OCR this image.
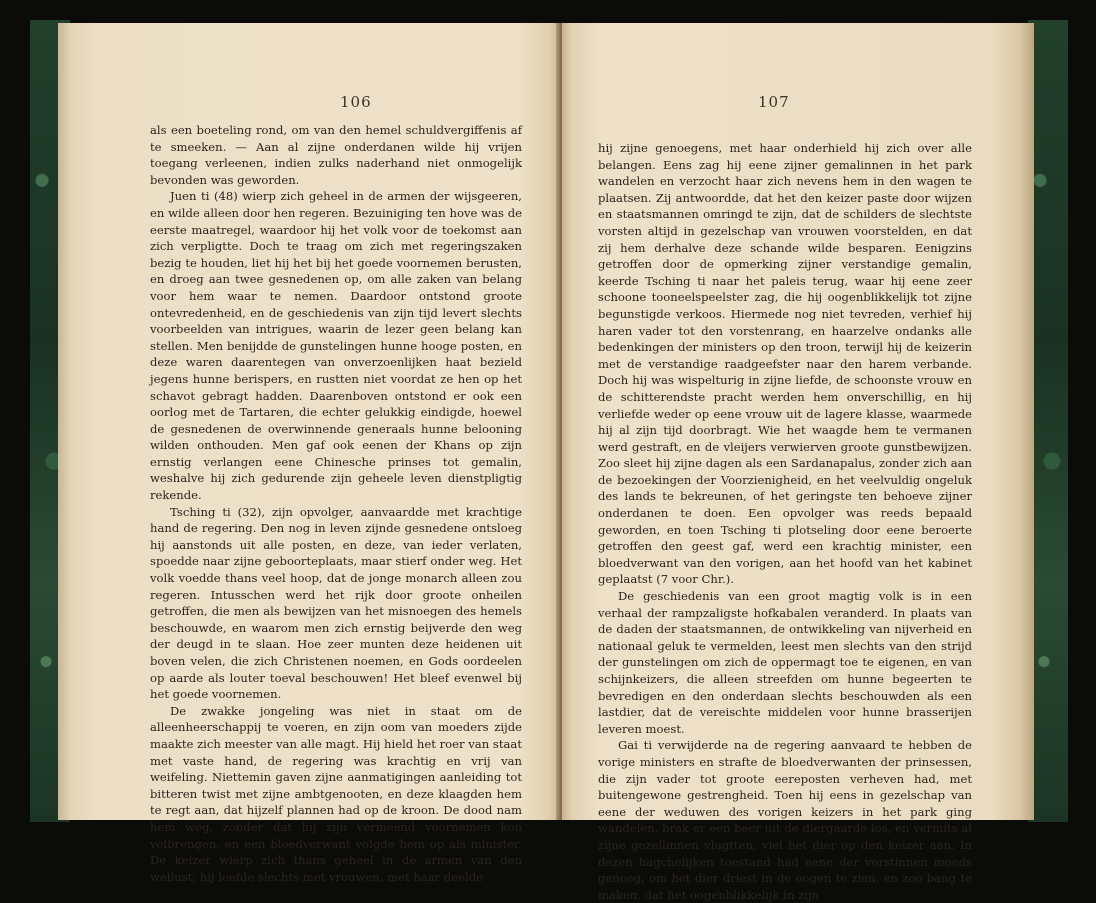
106

als een boeteling rond, om van den hemel schuldvergiffenis af te smeeken. — Aan al zijne onderdanen wilde hij vrijen toegang verleenen, indien zulks naderhand niet onmogelijk bevonden was geworden.

Juen ti (48) wierp zich geheel in de armen der wijsgeeren, en wilde alleen door hen regeren. Bezuiniging ten hove was de eerste maatregel, waardoor hij het volk voor de toekomst aan zich verpligtte. Doch te traag om zich met regeringszaken bezig te houden, liet hij het bij het goede voornemen berusten, en droeg aan twee gesnedenen op, om alle zaken van belang voor hem waar te nemen. Daardoor ontstond groote ontevredenheid, en de geschiedenis van zijn tijd levert slechts voorbeelden van intrigues, waarin de lezer geen belang kan stellen. Men benijdde de gunstelingen hunne hooge posten, en deze waren daarentegen van onverzoenlijken haat bezield jegens hunne berispers, en rustten niet voordat ze hen op het schavot gebragt hadden. Daarenboven ontstond er ook een oorlog met de Tartaren, die echter gelukkig eindigde, hoewel de gesnedenen de overwinnende generaals hunne belooning wilden onthouden. Men gaf ook eenen der Khans op zijn ernstig verlangen eene Chinesche prinses tot gemalin, weshalve hij zich gedurende zijn geheele leven dienstpligtig rekende.

Tsching ti (32), zijn opvolger, aanvaardde met krachtige hand de regering. Den nog in leven zijnde gesnedene ontsloeg hij aanstonds uit alle posten, en deze, van ieder verlaten, spoedde naar zijne geboorteplaats, maar stierf onder weg. Het volk voedde thans veel hoop, dat de jonge monarch alleen zou regeren. Intusschen werd het rijk door groote onheilen getroffen, die men als bewijzen van het misnoegen des hemels beschouwde, en waarom men zich ernstig beijverde den weg der deugd in te slaan. Hoe zeer munten deze heidenen uit boven velen, die zich Christenen noemen, en Gods oordeelen op aarde als louter toeval beschouwen! Het bleef evenwel bij het goede voornemen.

De zwakke jongeling was niet in staat om de alleenheerschappij te voeren, en zijn oom van moeders zijde maakte zich meester van alle magt. Hij hield het roer van staat met vaste hand, de regering was krachtig en vrij van weifeling. Niettemin gaven zijne aanmatigingen aanleiding tot bitteren twist met zijne ambtgenooten, en deze klaagden hem te regt aan, dat hijzelf plannen had op de kroon. De dood nam hem weg, zonder dat hij zijn vermeend voornemen kon volbrengen, en een bloedverwant volgde hem op als minister. De keizer wierp zich thans geheel in de armen van den wellust; hij leefde slechts met vrouwen, met haar deelde

107

hij zijne genoegens, met haar onderhield hij zich over alle belangen. Eens zag hij eene zijner gemalinnen in het park wandelen en verzocht haar zich nevens hem in den wagen te plaatsen. Zij antwoordde, dat het den keizer paste door wijzen en staatsmannen omringd te zijn, dat de schilders de slechtste vorsten altijd in gezelschap van vrouwen voorstelden, en dat zij hem derhalve deze schande wilde besparen. Eenigzins getroffen door de opmerking zijner verstandige gemalin, keerde Tsching ti naar het paleis terug, waar hij eene zeer schoone tooneelspeelster zag, die hij oogenblikkelijk tot zijne begunstigde verkoos. Hiermede nog niet tevreden, verhief hij haren vader tot den vorstenrang, en haarzelve ondanks alle bedenkingen der ministers op den troon, terwijl hij de keizerin met de verstandige raadgeefster naar den harem verbande. Doch hij was wispelturig in zijne liefde, de schoonste vrouw en de schitterendste pracht werden hem onverschillig, en hij verliefde weder op eene vrouw uit de lagere klasse, waarmede hij al zijn tijd doorbragt. Wie het waagde hem te vermanen werd gestraft, en de vleijers verwierven groote gunstbewijzen. Zoo sleet hij zijne dagen als een Sardanapalus, zonder zich aan de bezoekingen der Voorzienigheid, en het veelvuldig ongeluk des lands te bekreunen, of het geringste ten behoeve zijner onderdanen te doen. Een opvolger was reeds bepaald geworden, en toen Tsching ti plotseling door eene beroerte getroffen den geest gaf, werd een krachtig minister, een bloedverwant van den vorigen, aan het hoofd van het kabinet geplaatst (7 voor Chr.).

De geschiedenis van een groot magtig volk is in een verhaal der rampzaligste hofkabalen veranderd. In plaats van de daden der staatsmannen, de ontwikkeling van nijverheid en nationaal geluk te vermelden, leest men slechts van den strijd der gunstelingen om zich de oppermagt toe te eigenen, en van schijnkeizers, die alleen streefden om hunne begeerten te bevredigen en den onderdaan slechts beschouwden als een lastdier, dat de vereischte middelen voor hunne brasserijen leveren moest.

Gai ti verwijderde na de regering aanvaard te hebben de vorige ministers en strafte de bloedverwanten der prinsessen, die zijn vader tot groote eereposten verheven had, met buitengewone gestrengheid. Toen hij eens in gezelschap van eene der weduwen des vorigen keizers in het park ging wandelen, brak er een beer uit de diergaarde los, en vermits al zijne gezellinnen vlugtten, viel het dier op den keizer aan. In dezen hagchelijken toestand had eene der vorstinnen moeds genoeg, om het dier driest in de oogen te zien, en zoo bang te maken, dat het oogenblikkelijk in zijn
